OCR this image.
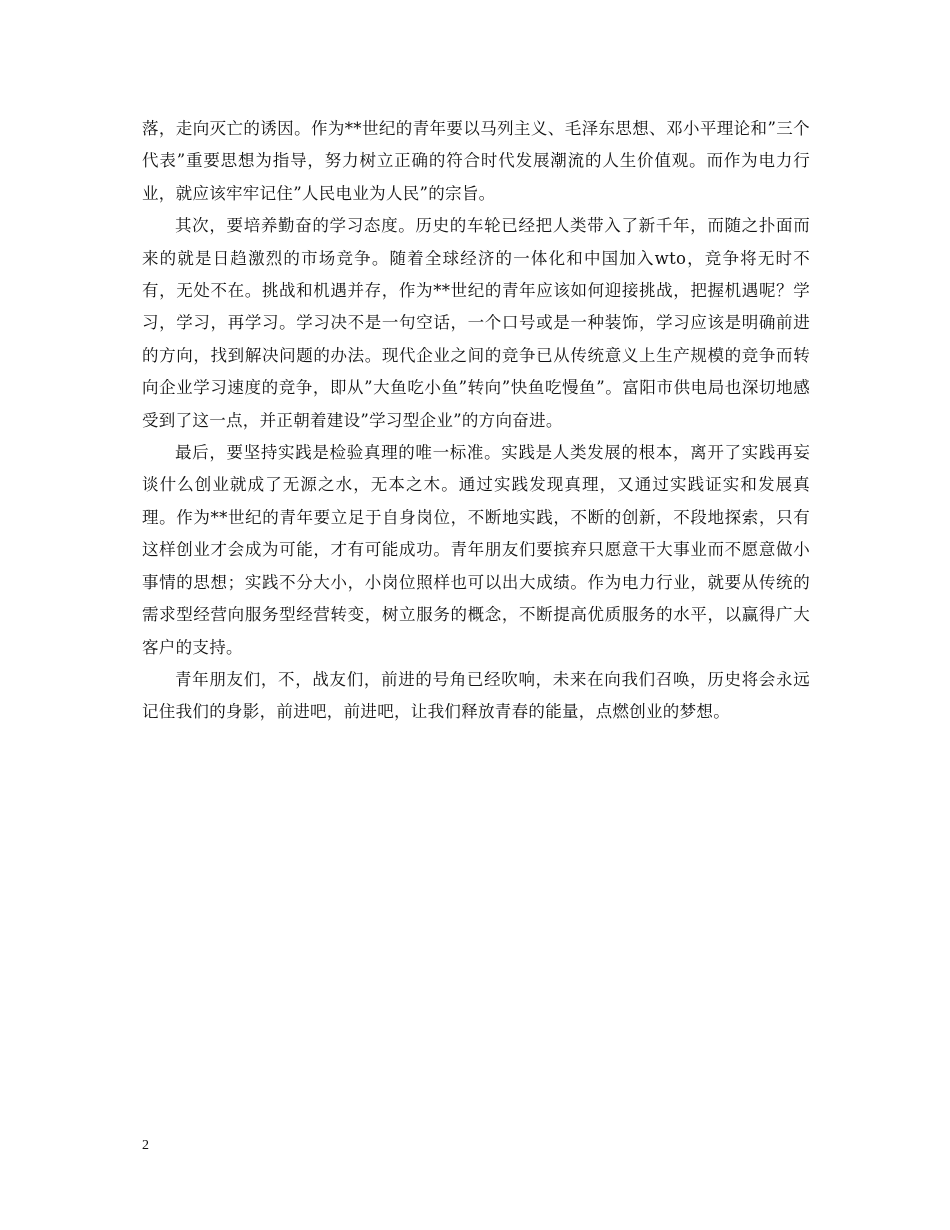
落，走向灭亡的诱因。作为**世纪的青年要以马列主义、毛泽东思想、邓小平理论和”三个代表”重要思想为指导，努力树立正确的符合时代发展潮流的人生价值观。而作为电力行业，就应该牢牢记住”人民电业为人民”的宗旨。

其次，要培养勤奋的学习态度。历史的车轮已经把人类带入了新千年，而随之扑面而来的就是日趋激烈的市场竞争。随着全球经济的一体化和中国加入wto，竞争将无时不有，无处不在。挑战和机遇并存，作为**世纪的青年应该如何迎接挑战，把握机遇呢？学习，学习，再学习。学习决不是一句空话，一个口号或是一种装饰，学习应该是明确前进的方向，找到解决问题的办法。现代企业之间的竞争已从传统意义上生产规模的竞争而转向企业学习速度的竞争，即从”大鱼吃小鱼”转向”快鱼吃慢鱼”。富阳市供电局也深切地感受到了这一点，并正朝着建设”学习型企业”的方向奋进。

最后，要坚持实践是检验真理的唯一标准。实践是人类发展的根本，离开了实践再妄谈什么创业就成了无源之水，无本之木。通过实践发现真理，又通过实践证实和发展真理。作为**世纪的青年要立足于自身岗位，不断地实践，不断的创新，不段地探索，只有这样创业才会成为可能，才有可能成功。青年朋友们要摈弃只愿意干大事业而不愿意做小事情的思想；实践不分大小，小岗位照样也可以出大成绩。作为电力行业，就要从传统的需求型经营向服务型经营转变，树立服务的概念，不断提高优质服务的水平，以赢得广大客户的支持。

青年朋友们，不，战友们，前进的号角已经吹响，未来在向我们召唤，历史将会永远记住我们的身影，前进吧，前进吧，让我们释放青春的能量，点燃创业的梦想。

2
